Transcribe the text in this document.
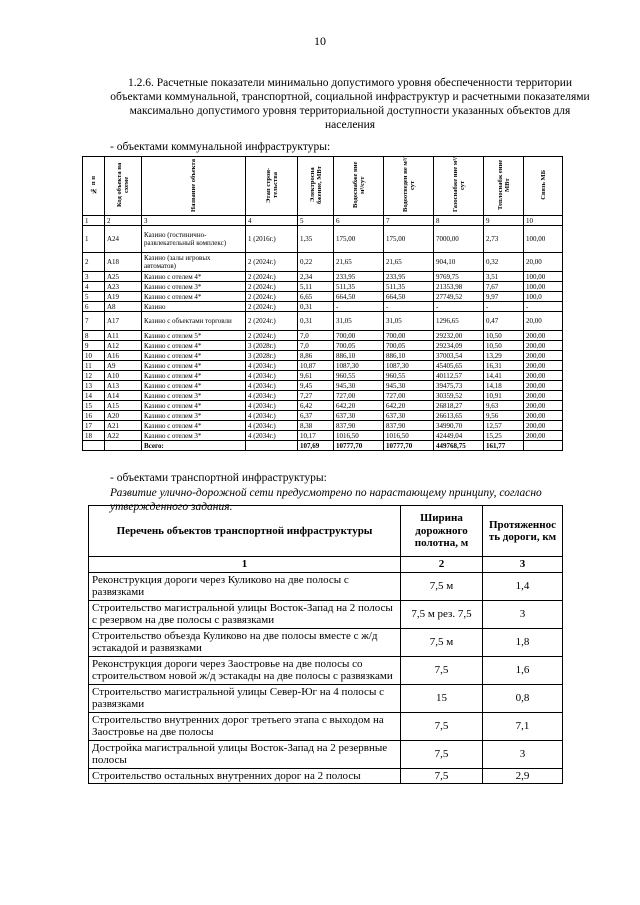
10
1.2.6. Расчетные показатели минимально допустимого уровня обеспеченности территории объектами коммунальной, транспортной, социальной инфраструктур и расчетными показателями максимально допустимого уровня территориальной доступности указанных объектов для населения
- объектами коммунальной инфраструктуры:
№ п п	Код объекта на схеме	Название объекта	Этап строи-тельства	Электросна бжение, МВт	Водоснабже ние м³/сут	Водоотведен ие м³/сут	Газоснабже ние м³/сут	Теплоснабж ение МВт	Связь МБ
1	2	3	4	5	6	7	8	9	10
1	А24	Казино (гостинично-развлекательный комплекс)	1 (2016г.)	1,35	175,00	175,00	7000,00	2,73	100,00
2	А18	Казино (залы игровых автоматов)	2 (2024г.)	0,22	21,65	21,65	904,10	0,32	20,00
3	А25	Казино с отелем 4*	2 (2024г.)	2,34	233,95	233,95	9769,75	3,51	100,00
4	А23	Казино с отелем 3*	2 (2024г.)	5,11	511,35	511,35	21353,98	7,67	100,00
5	А19	Казино с отелем 4*	2 (2024г.)	6,65	664,50	664,50	27749,52	9,97	100,0
6	А8	Казино	2 (2024г.)	0,31	-	-	-	-	-
7	А17	Казино с объектами торговли	2 (2024г.)	0,31	31,05	31,05	1296,65	0,47	20,00
8	А11	Казино с отелем 5*	2 (2024г.)	7,0	700,00	700,00	29232,00	10,50	200,00
9	А12	Казино с отелем 4*	3 (2028г.)	7,0	700,05	700,05	29234,09	10,50	200,00
10	А16	Казино с отелем 4*	3 (2028г.)	8,86	886,10	886,10	37003,54	13,29	200,00
11	А9	Казино с отелем 4*	4 (2034г.)	10,87	1087,30	1087,30	45405,65	16,31	200,00
12	А10	Казино с отелем 4*	4 (2034г.)	9,61	960,55	960,55	40112,57	14,41	200,00
13	А13	Казино с отелем 4*	4 (2034г.)	9,45	945,30	945,30	39475,73	14,18	200,00
14	А14	Казино с отелем 3*	4 (2034г.)	7,27	727,00	727,00	30359,52	10,91	200,00
15	А15	Казино с отелем 4*	4 (2034г.)	6,42	642,20	642,20	26818,27	9,63	200,00
16	А20	Казино с отелем 3*	4 (2034г.)	6,37	637,30	637,30	26613,65	9,56	200,00
17	А21	Казино с отелем 4*	4 (2034г.)	8,38	837,90	837,90	34990,70	12,57	200,00
18	А22	Казино с отелем 3*	4 (2034г.)	10,17	1016,50	1016,50	42449,04	15,25	200,00
		Всего:		107,69	10777,70	10777,70	449768,75	161,77	
- объектами транспортной инфраструктуры:
Развитие улично-дорожной сети предусмотрено по нарастающему принципу, согласно утвержденного задания.
Перечень объектов транспортной инфраструктуры	Ширина дорожного полотна, м	Протяженнос ть дороги, км
1	2	3
Реконструкция дороги через Куликово на две полосы с развязками	7,5 м	1,4
Строительство магистральной улицы Восток-Запад на 2 полосы с резервом на две полосы с развязками	7,5 м рез. 7,5	3
Строительство объезда Куликово на две полосы вместе с ж/д эстакадой и развязками	7,5 м	1,8
Реконструкция дороги через Заостровье на две полосы со строительством новой ж/д эстакады на две полосы с развязками	7,5	1,6
Строительство магистральной улицы Север-Юг на 4 полосы с развязками	15	0,8
Строительство внутренних дорог третьего этапа с выходом на Заостровье на две полосы	7,5	7,1
Достройка магистральной улицы Восток-Запад на 2 резервные полосы	7,5	3
Строительство остальных внутренних дорог на 2 полосы	7,5	2,9
